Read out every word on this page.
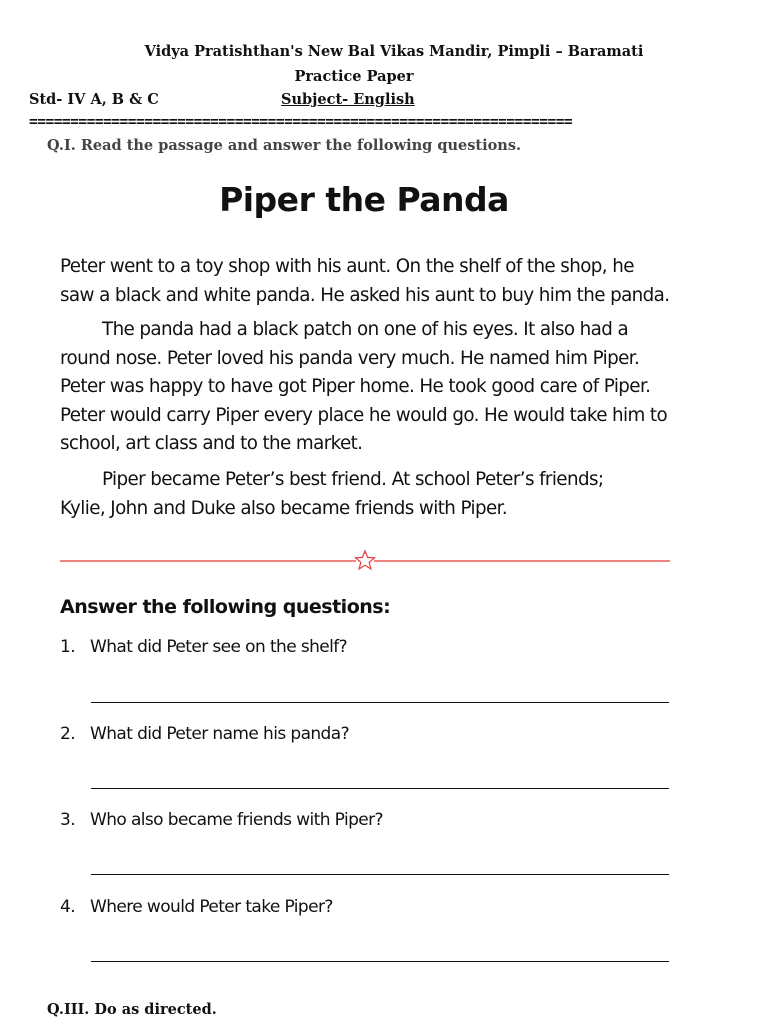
Vidya Pratishthan's New Bal Vikas Mandir, Pimpli – Baramati
Practice Paper
Std- IV A, B & C	Subject- English
==================================================================
Q.I. Read the passage and answer the following questions.
Piper the Panda
Peter went to a toy shop with his aunt. On the shelf of the shop, he
saw a black and white panda. He asked his aunt to buy him the panda.
The panda had a black patch on one of his eyes. It also had a
round nose. Peter loved his panda very much. He named him Piper.
Peter was happy to have got Piper home. He took good care of Piper.
Peter would carry Piper every place he would go. He would take him to
school, art class and to the market.
Piper became Peter’s best friend. At school Peter’s friends;
Kylie, John and Duke also became friends with Piper.
Answer the following questions:
1. What did Peter see on the shelf?
2. What did Peter name his panda?
3. Who also became friends with Piper?
4. Where would Peter take Piper?
Q.III. Do as directed.
